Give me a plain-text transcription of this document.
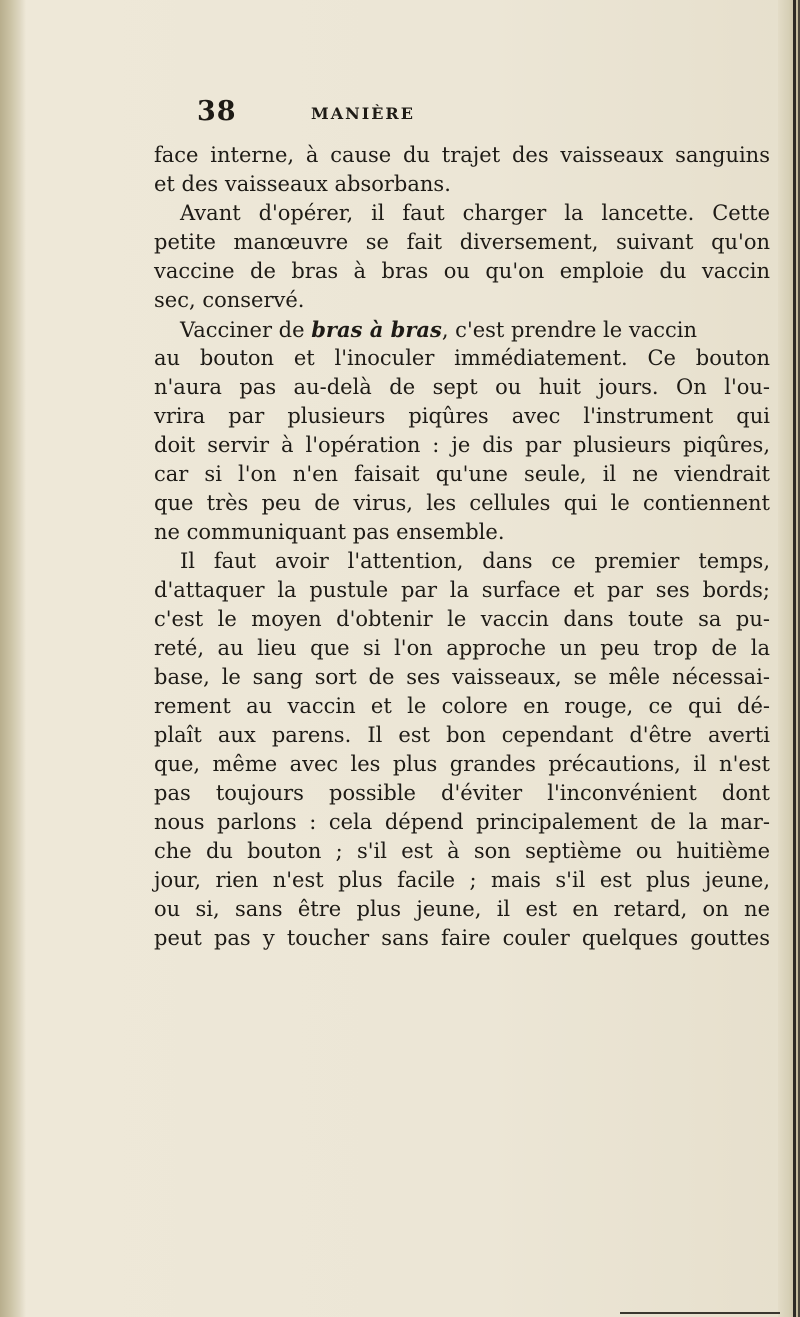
38	MANIÈRE
face interne, à cause du trajet des vaisseaux sanguins
et des vaisseaux absorbans.
Avant d'opérer, il faut charger la lancette. Cette
petite manœuvre se fait diversement, suivant qu'on
vaccine de bras à bras ou qu'on emploie du vaccin
sec, conservé.
Vacciner de bras à bras, c'est prendre le vaccin
au bouton et l'inoculer immédiatement. Ce bouton
n'aura pas au-delà de sept ou huit jours. On l'ou-
vrira par plusieurs piqûres avec l'instrument qui
doit servir à l'opération : je dis par plusieurs piqûres,
car si l'on n'en faisait qu'une seule, il ne viendrait
que très peu de virus, les cellules qui le contiennent
ne communiquant pas ensemble.
Il faut avoir l'attention, dans ce premier temps,
d'attaquer la pustule par la surface et par ses bords;
c'est le moyen d'obtenir le vaccin dans toute sa pu-
reté, au lieu que si l'on approche un peu trop de la
base, le sang sort de ses vaisseaux, se mêle nécessai-
rement au vaccin et le colore en rouge, ce qui dé-
plaît aux parens. Il est bon cependant d'être averti
que, même avec les plus grandes précautions, il n'est
pas toujours possible d'éviter l'inconvénient dont
nous parlons : cela dépend principalement de la mar-
che du bouton ; s'il est à son septième ou huitième
jour, rien n'est plus facile ; mais s'il est plus jeune,
ou si, sans être plus jeune, il est en retard, on ne
peut pas y toucher sans faire couler quelques gouttes
